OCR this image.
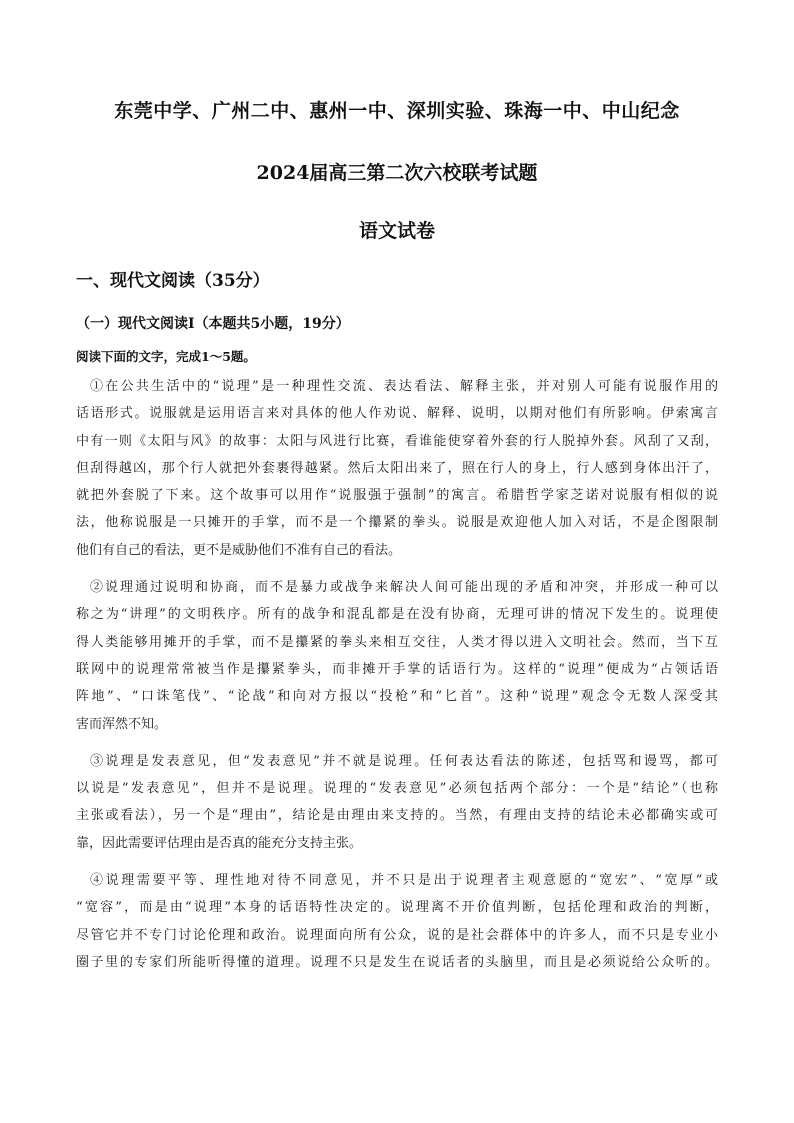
东莞中学、广州二中、惠州一中、深圳实验、珠海一中、中山纪念
2024届高三第二次六校联考试题
语文试卷
一、现代文阅读（35分）
（一）现代文阅读Ⅰ（本题共5小题，19分）
阅读下面的文字，完成1～5题。
①在公共生活中的“说理”是一种理性交流、表达看法、解释主张，并对别人可能有说服作用的
话语形式。说服就是运用语言来对具体的他人作劝说、解释、说明，以期对他们有所影响。伊索寓言
中有一则《太阳与风》的故事：太阳与风进行比赛，看谁能使穿着外套的行人脱掉外套。风刮了又刮，
但刮得越凶，那个行人就把外套裹得越紧。然后太阳出来了，照在行人的身上，行人感到身体出汗了，
就把外套脱了下来。这个故事可以用作“说服强于强制”的寓言。希腊哲学家芝诺对说服有相似的说
法，他称说服是一只摊开的手掌，而不是一个攥紧的拳头。说服是欢迎他人加入对话，不是企图限制
他们有自己的看法，更不是威胁他们不准有自己的看法。
②说理通过说明和协商，而不是暴力或战争来解决人间可能出现的矛盾和冲突，并形成一种可以
称之为“讲理”的文明秩序。所有的战争和混乱都是在没有协商，无理可讲的情况下发生的。说理使
得人类能够用摊开的手掌，而不是攥紧的拳头来相互交往，人类才得以进入文明社会。然而，当下互
联网中的说理常常被当作是攥紧拳头，而非摊开手掌的话语行为。这样的“说理”便成为“占领话语
阵地”、“口诛笔伐”、“论战”和向对方报以“投枪”和“匕首”。这种“说理”观念令无数人深受其
害而浑然不知。
③说理是发表意见，但“发表意见”并不就是说理。任何表达看法的陈述，包括骂和谩骂，都可
以说是“发表意见”，但并不是说理。说理的“发表意见”必须包括两个部分：一个是“结论”（也称
主张或看法），另一个是“理由”，结论是由理由来支持的。当然，有理由支持的结论未必都确实或可
靠，因此需要评估理由是否真的能充分支持主张。
④说理需要平等、理性地对待不同意见，并不只是出于说理者主观意愿的“宽宏”、“宽厚”或
“宽容”，而是由“说理”本身的话语特性决定的。说理离不开价值判断，包括伦理和政治的判断，
尽管它并不专门讨论伦理和政治。说理面向所有公众，说的是社会群体中的许多人，而不只是专业小
圈子里的专家们所能听得懂的道理。说理不只是发生在说话者的头脑里，而且是必须说给公众听的。
